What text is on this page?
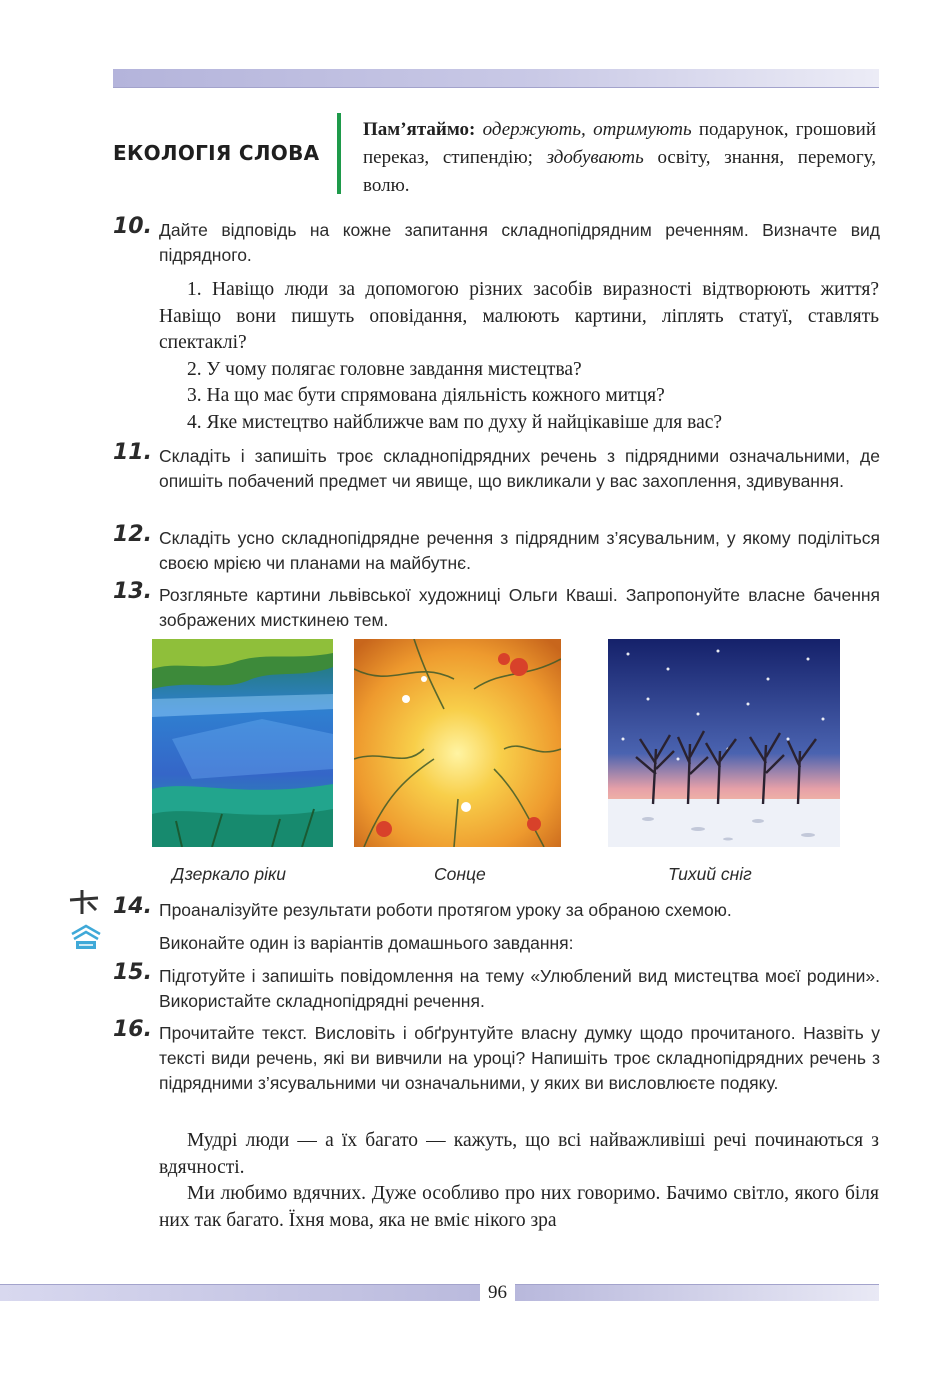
ЕКОЛОГІЯ СЛОВА
Пам’ятаймо: одержують, отримують подарунок, грошовий переказ, стипендію; здобувають освіту, знання, перемогу, волю.
10. Дайте відповідь на кожне запитання складнопідрядним реченням. Визначте вид підрядного.

1. Навіщо люди за допомогою різних засобів виразності відтворюють життя? Навіщо вони пишуть оповідання, малюють картини, ліплять статуї, ставлять спектаклі?

2. У чому полягає головне завдання мистецтва?

3. На що має бути спрямована діяльність кожного митця?

4. Яке мистецтво найближче вам по духу й найцікавіше для вас?

11. Складіть і запишіть троє складнопідрядних речень з підрядними означальними, де опишіть побачений предмет чи явище, що викликали у вас захоплення, здивування.
12. Складіть усно складнопідрядне речення з підрядним з’ясувальним, у якому поділіться своєю мрією чи планами на майбутнє.
13. Розгляньте картини львівської художниці Ольги Кваші. Запропонуйте власне бачення зображених мисткинею тем.
Дзеркало ріки	Сонце	Тихий сніг
14. Проаналізуйте результати роботи протягом уроку за обраною схемою.
Виконайте один із варіантів домашнього завдання:
15. Підготуйте і запишіть повідомлення на тему «Улюблений вид мистецтва моєї родини». Використайте складнопідрядні речення.
16. Прочитайте текст. Висловіть і обґрунтуйте власну думку щодо прочитаного. Назвіть у тексті види речень, які ви вивчили на уроці? Напишіть троє складнопідрядних речень з підрядними з’ясувальними чи означальними, у яких ви висловлюєте подяку.

Мудрі люди — а їх багато — кажуть, що всі найважливіші речі починаються з вдячності.

Ми любимо вдячних. Дуже особливо про них говоримо. Бачимо світло, якого біля них так багато. Їхня мова, яка не вміє нікого зра

96
